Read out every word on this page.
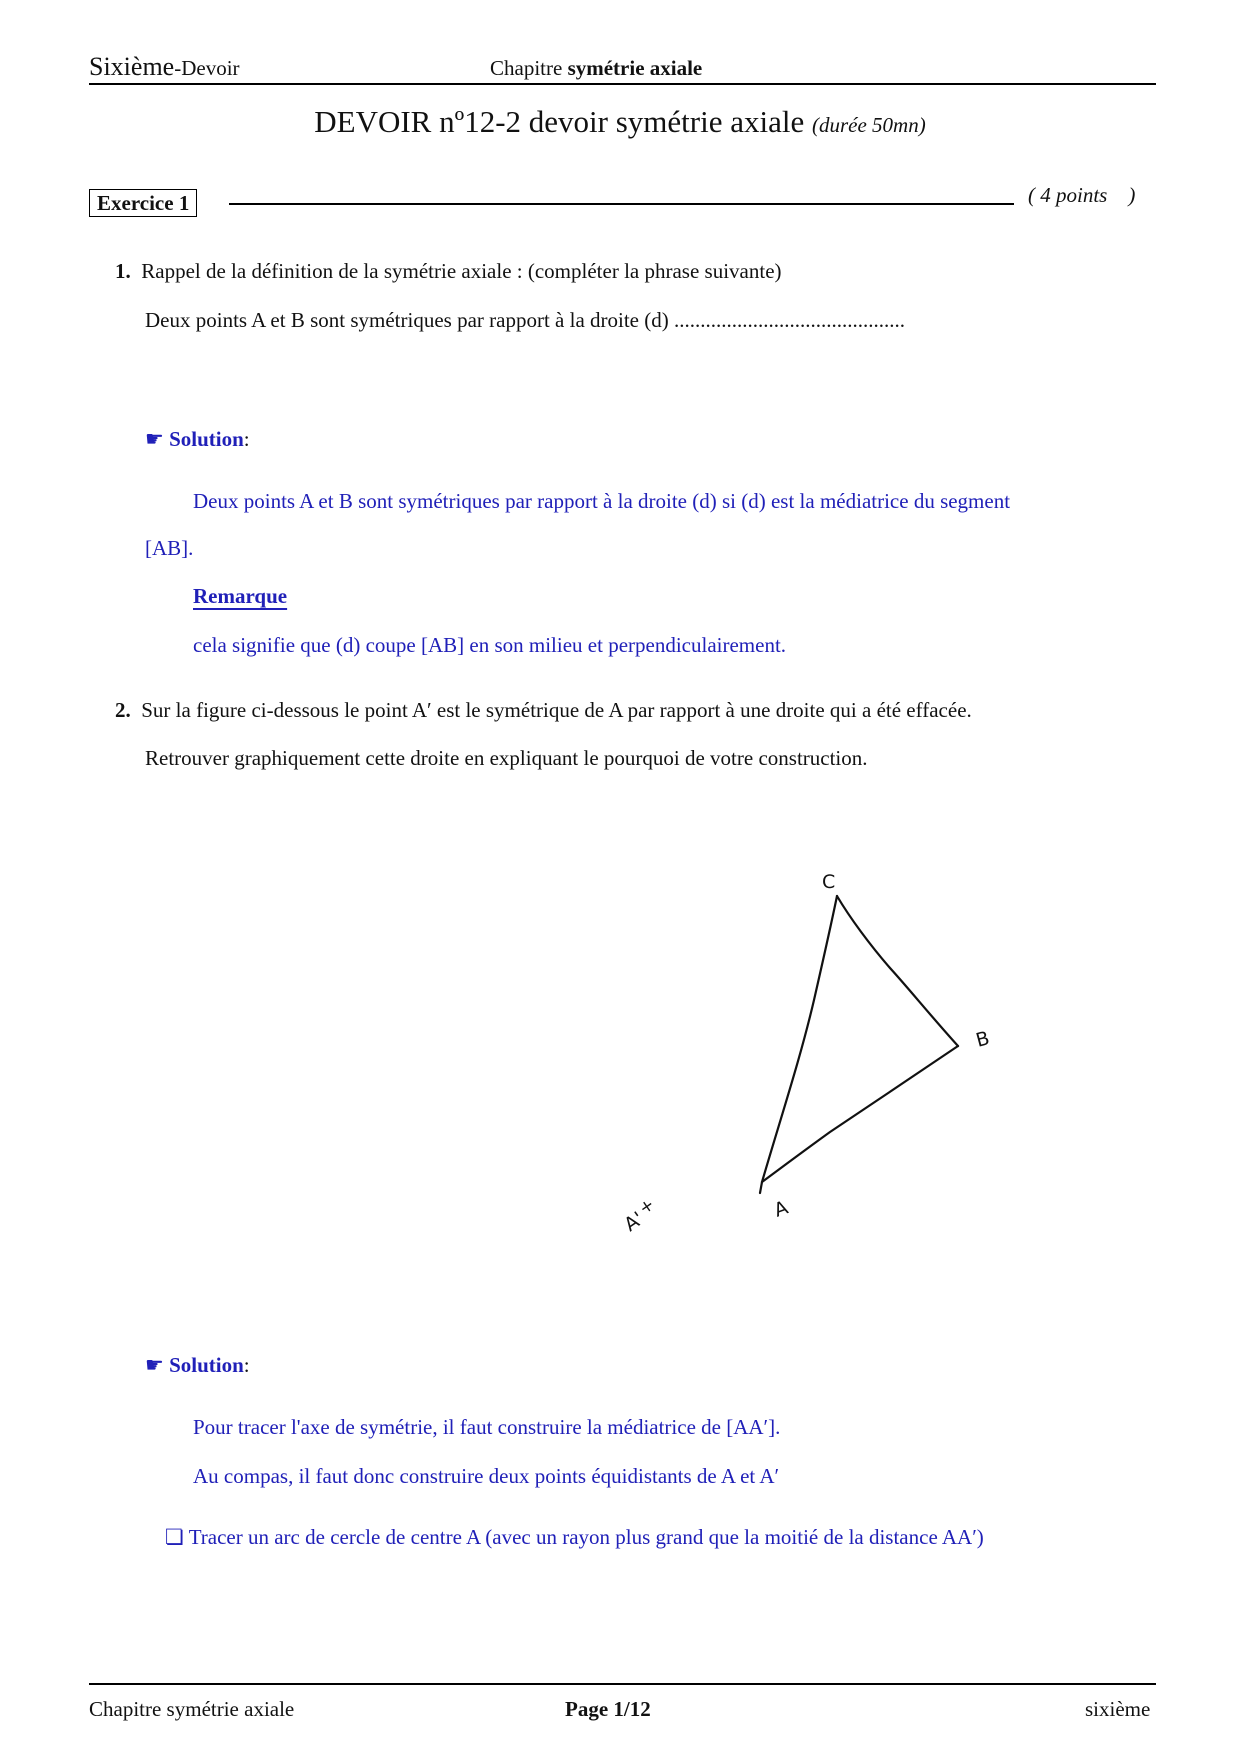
Sixième-Devoir	Chapitre symétrie axiale
DEVOIR nº12-2 devoir symétrie axiale (durée 50mn)
Exercice 1	( 4 points    )
1. Rappel de la définition de la symétrie axiale : (compléter la phrase suivante)
Deux points A et B sont symétriques par rapport à la droite (d) ............................................
☛ Solution:
Deux points A et B sont symétriques par rapport à la droite (d) si (d) est la médiatrice du segment
[AB].
Remarque
cela signifie que (d) coupe [AB] en son milieu et perpendiculairement.
2. Sur la figure ci-dessous le point A′ est le symétrique de A par rapport à une droite qui a été effacée.
Retrouver graphiquement cette droite en expliquant le pourquoi de votre construction.
C
B
A
A'
+
☛ Solution:
Pour tracer l'axe de symétrie, il faut construire la médiatrice de [AA′].
Au compas, il faut donc construire deux points équidistants de A et A′
❏ Tracer un arc de cercle de centre A (avec un rayon plus grand que la moitié de la distance AA′)
Chapitre symétrie axiale	Page 1/12	sixième
